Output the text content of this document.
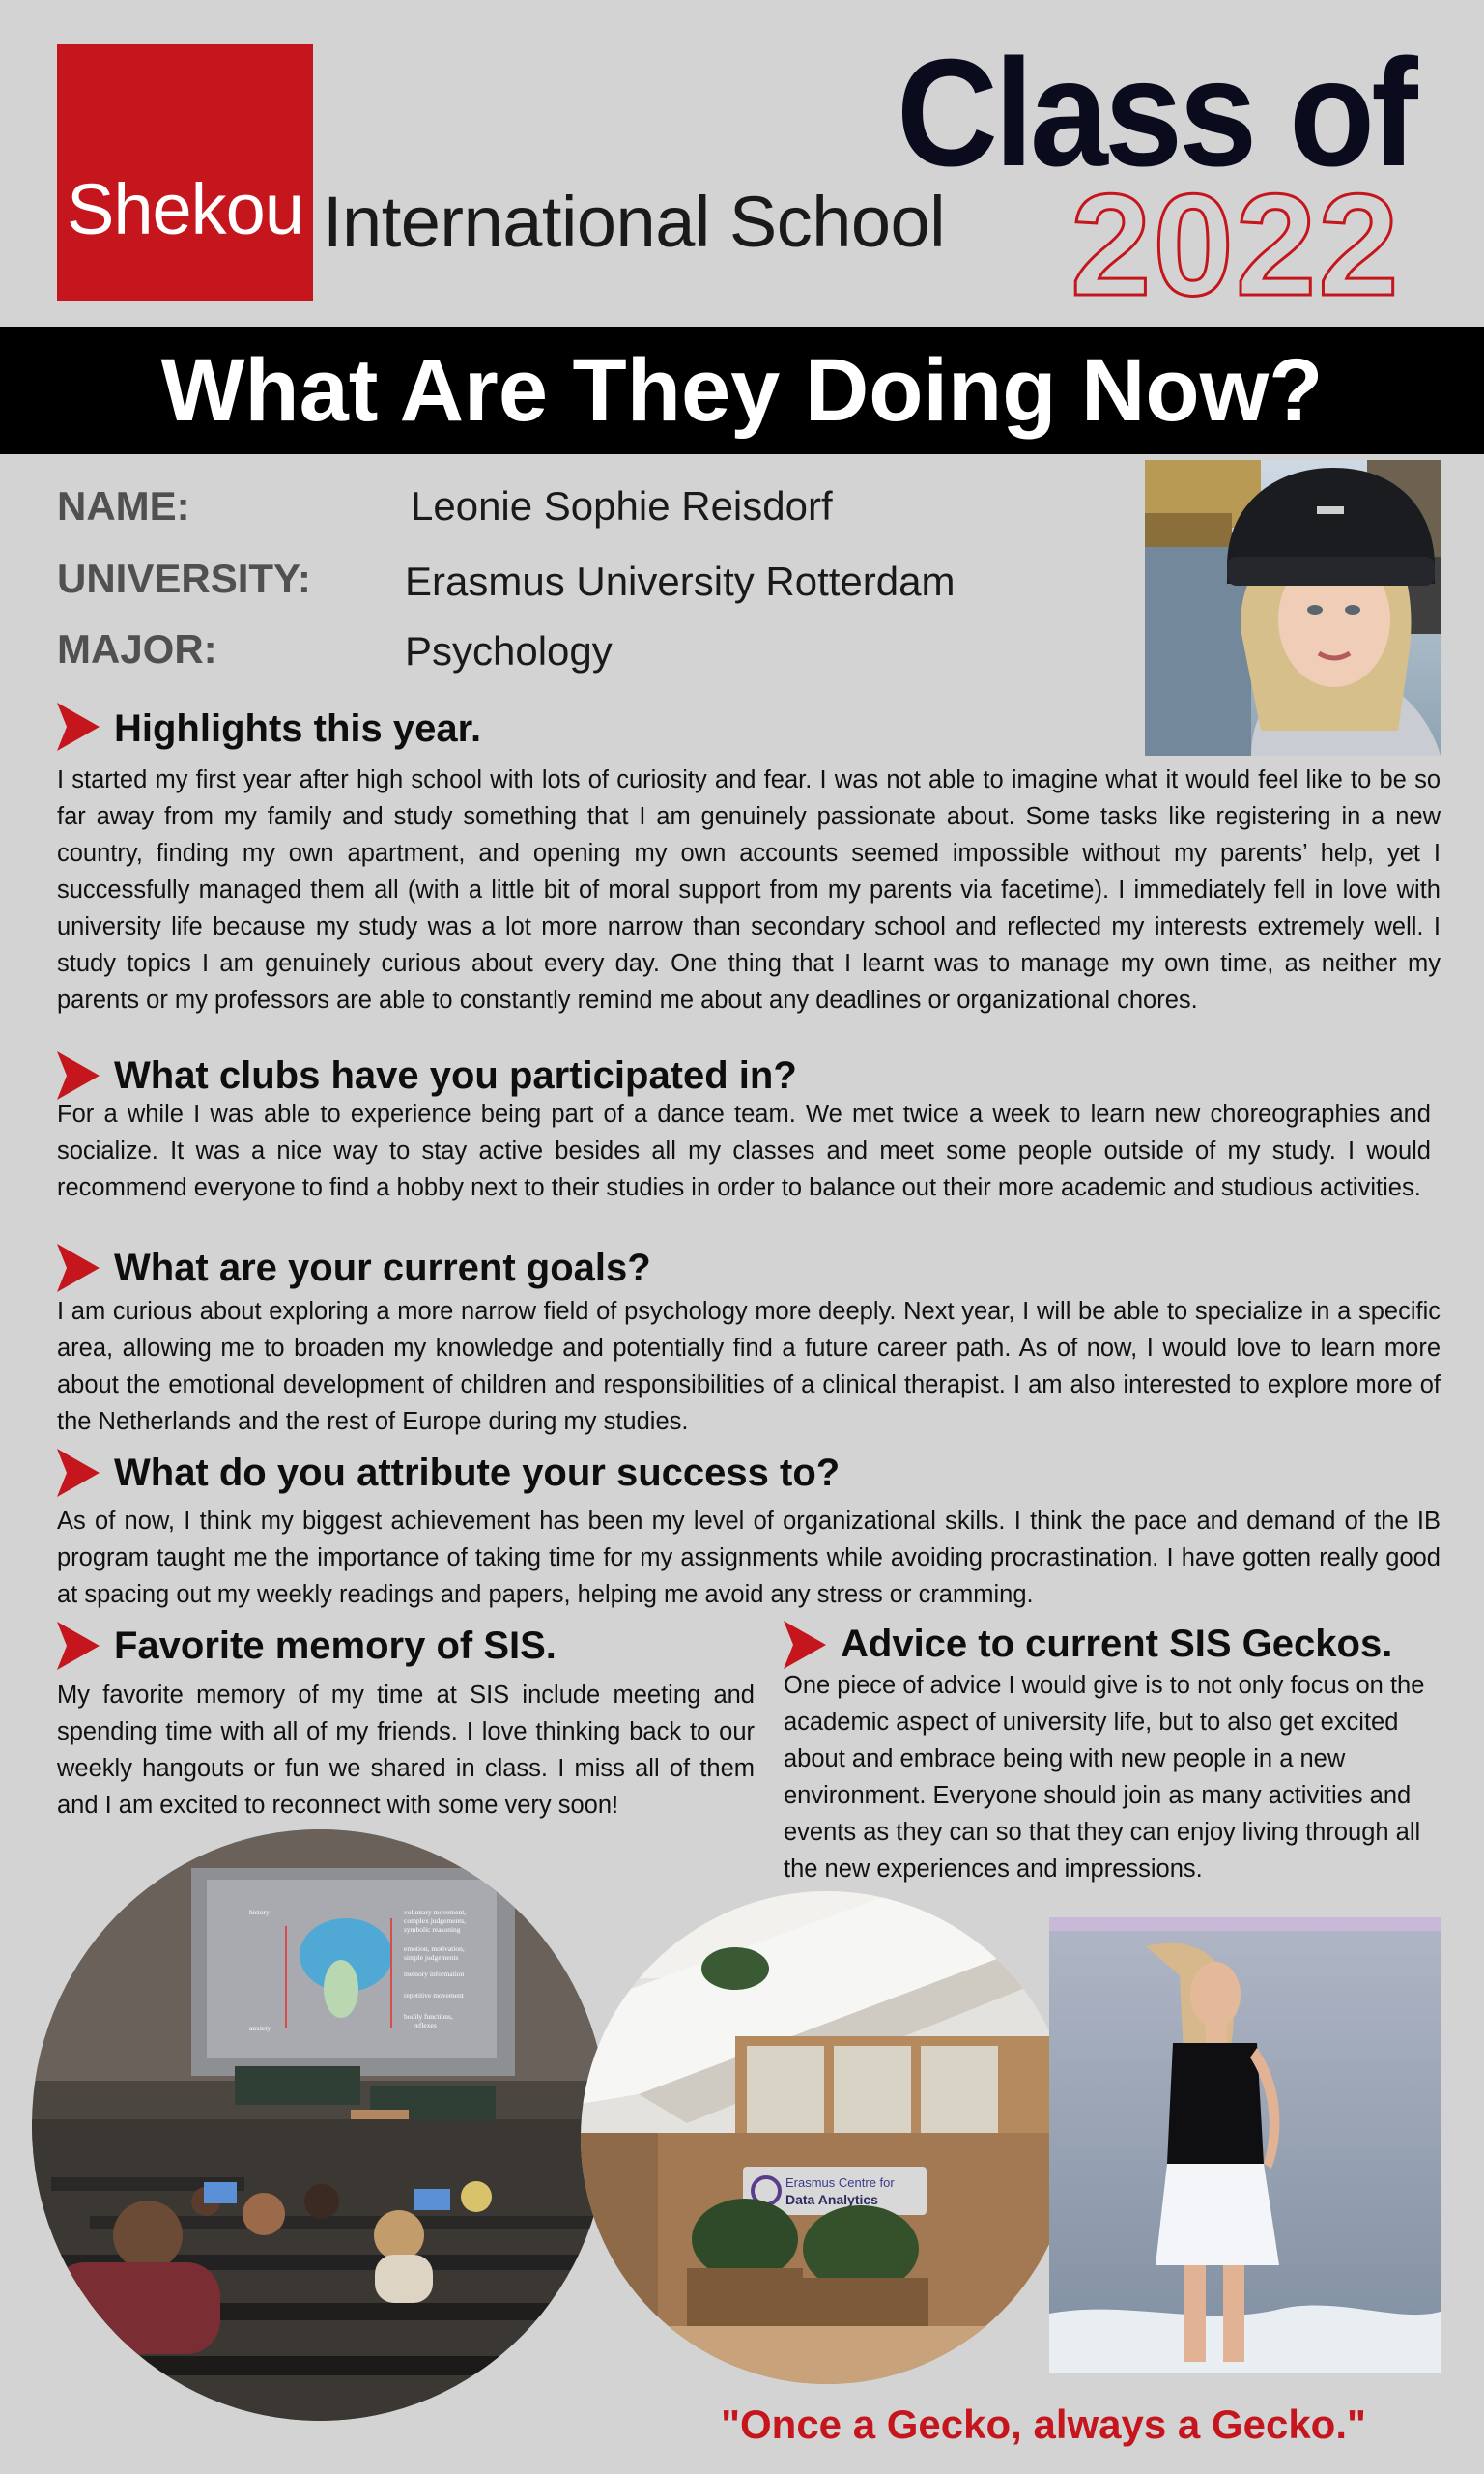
Shekou International School
Class of
2022
What Are They Doing Now?
NAME:	Leonie Sophie Reisdorf
UNIVERSITY: Erasmus University Rotterdam
MAJOR:	Psychology
Highlights this year.
I started my first year after high school with lots of curiosity and fear. I was not able to imagine what it would feel like to be so far away from my family and study something that I am genuinely passionate about. Some tasks like registering in a new country, finding my own apartment, and opening my own accounts seemed impossible without my parents’ help, yet I successfully managed them all (with a little bit of moral support from my parents via facetime). I immediately fell in love with university life because my study was a lot more narrow than secondary school and reflected my interests extremely well. I study topics I am genuinely curious about every day. One thing that I learnt was to manage my own time, as neither my parents or my professors are able to constantly remind me about any deadlines or organizational chores.
What clubs have you participated in?
For a while I was able to experience being part of a dance team. We met twice a week to learn new choreographies and socialize. It was a nice way to stay active besides all my classes and meet some people outside of my study. I would recommend everyone to find a hobby next to their studies in order to balance out their more academic and studious activities.
What are your current goals?
I am curious about exploring a more narrow field of psychology more deeply. Next year, I will be able to specialize in a specific area, allowing me to broaden my knowledge and potentially find a future career path. As of now, I would love to learn more about the emotional development of children and responsibilities of a clinical therapist. I am also interested to explore more of the Netherlands and the rest of Europe during my studies.
What do you attribute your success to?
As of now, I think my biggest achievement has been my level of organizational skills. I think the pace and demand of the IB program taught me the importance of taking time for my assignments while avoiding procrastination. I have gotten really good at spacing out my weekly readings and papers, helping me avoid any stress or cramming.
Favorite memory of SIS.
My favorite memory of my time at SIS include meeting and spending time with all of my friends. I love thinking back to our weekly hangouts or fun we shared in class. I miss all of them and I am excited to reconnect with some very soon!
Advice to current SIS Geckos.
One piece of advice I would give is to not only focus on the academic aspect of university life, but to also get excited about and embrace being with new people in a new environment. Everyone should join as many activities and events as they can so that they can enjoy living through all the new experiences and impressions.
voluntary movement,
complex judgements,
symbolic reasoning
emotion, motivation,
simple judgements
memory information
repetitive movement
bodily functions,
reflexes
history
anxiety
Erasmus Centre for
Data Analytics
"Once a Gecko, always a Gecko."
